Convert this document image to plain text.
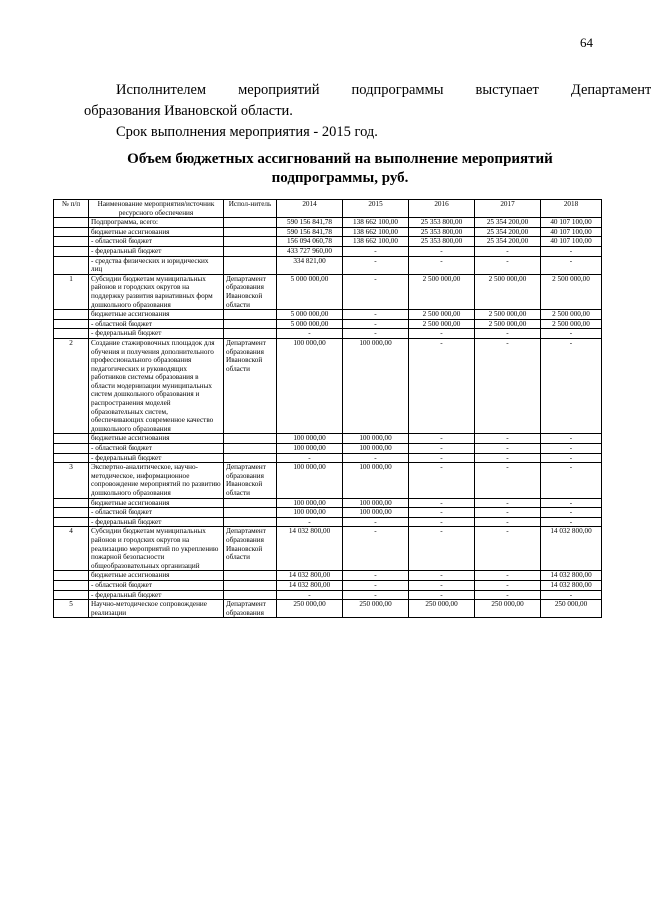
64
Исполнителем	мероприятий	подпрограммы	выступает	Департамент
образования Ивановской области.
Срок выполнения мероприятия - 2015 год.
Объем бюджетных ассигнований на выполнение мероприятий подпрограммы, руб.
№ п/п	Наименование мероприятия/источник ресурсного обеспечения	Испол-нитель	2014	2015	2016	2017	2018
	Подпрограмма, всего:		590 156 841,78	138 662 100,00	25 353 800,00	25 354 200,00	40 107 100,00
	бюджетные ассигнования		590 156 841,78	138 662 100,00	25 353 800,00	25 354 200,00	40 107 100,00
	- областной бюджет		156 094 060,78	138 662 100,00	25 353 800,00	25 354 200,00	40 107 100,00
	- федеральный бюджет		433 727 960,00	-	-	-	-
	- средства физических и юридических лиц		334 821,00	-	-	-	-
1	Субсидии бюджетам муниципальных районов и городских округов на поддержку развития вариативных форм дошкольного образования	Департамент образования Ивановской области	5 000 000,00	-	2 500 000,00	2 500 000,00	2 500 000,00
	бюджетные ассигнования		5 000 000,00	-	2 500 000,00	2 500 000,00	2 500 000,00
	- областной бюджет		5 000 000,00	-	2 500 000,00	2 500 000,00	2 500 000,00
	- федеральный бюджет		-	-	-	-	-
2	Создание стажировочных площадок для обучения и получения дополнительного профессионального образования педагогических и руководящих работников системы образования в области модернизации муниципальных систем дошкольного образования и распространения моделей образовательных систем, обеспечивающих современное качество дошкольного образования	Департамент образования Ивановской области	100 000,00	100 000,00	-	-	-
	бюджетные ассигнования		100 000,00	100 000,00	-	-	-
	- областной бюджет		100 000,00	100 000,00	-	-	-
	- федеральный бюджет		-	-	-	-	-
3	Экспертно-аналитическое, научно-методическое, информационное сопровождение мероприятий по развитию дошкольного образования	Департамент образования Ивановской области	100 000,00	100 000,00	-	-	-
	бюджетные ассигнования		100 000,00	100 000,00	-	-	-
	- областной бюджет		100 000,00	100 000,00	-	-	-
	- федеральный бюджет		-	-	-	-	-
4	Субсидии бюджетам муниципальных районов и городских округов на реализацию мероприятий по укреплению пожарной безопасности общеобразовательных организаций	Департамент образования Ивановской области	14 032 800,00	-	-	-	14 032 800,00
	бюджетные ассигнования		14 032 800,00	-	-	-	14 032 800,00
	- областной бюджет		14 032 800,00	-	-	-	14 032 800,00
	- федеральный бюджет		-	-	-	-	-
5	Научно-методическое сопровождение реализации	Департамент образования	250 000,00	250 000,00	250 000,00	250 000,00	250 000,00
